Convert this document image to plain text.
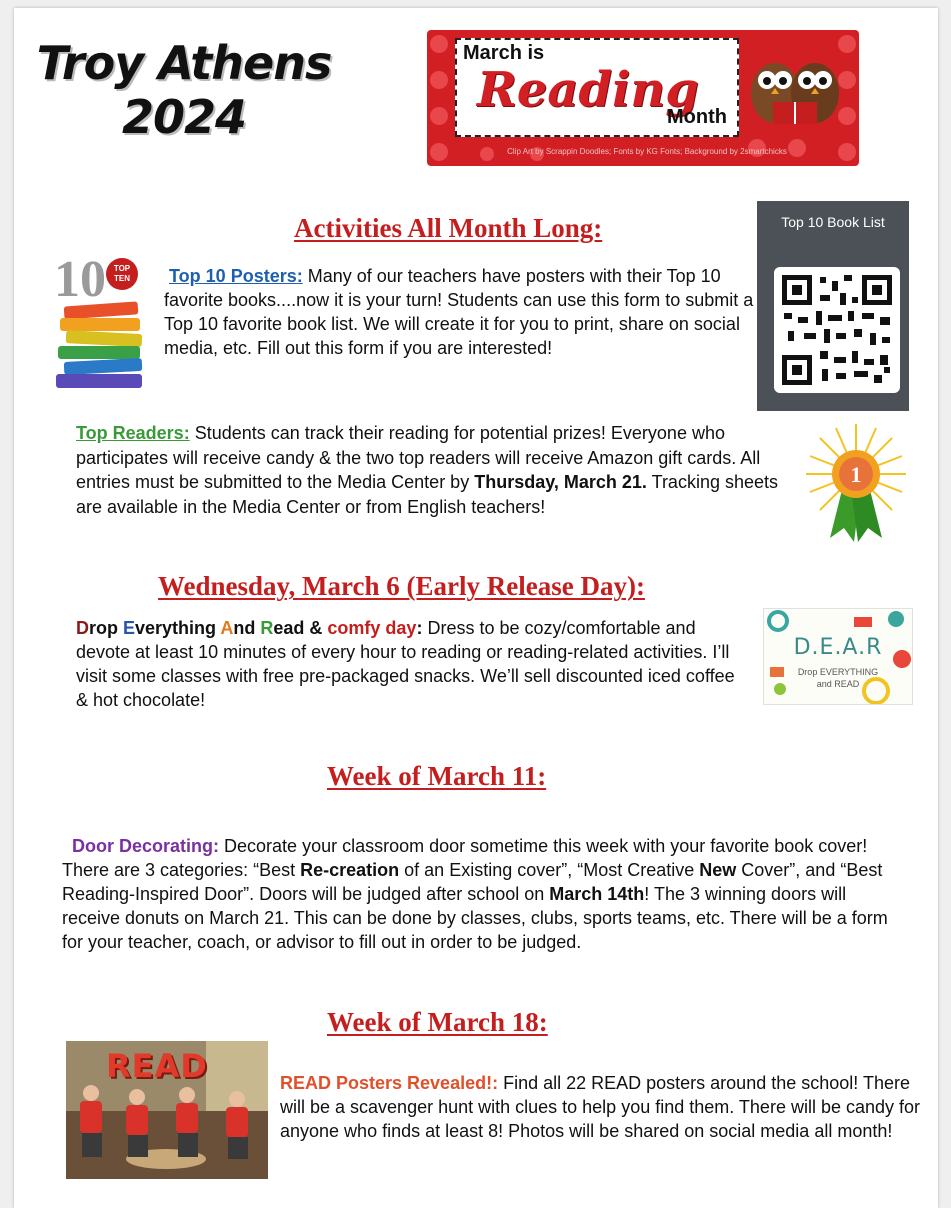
Troy Athens
2024
March is
Reading
Month
Clip Art by Scrappin Doodles; Fonts by KG Fonts; Background by 2smartchicks
Activities All Month Long:	Top 10 Book List
10 TOP
TEN Top 10 Posters: Many of our teachers have posters with their Top 10 favorite books....now it is your turn! Students can use this form to submit a Top 10 favorite book list. We will create it for you to print, share on social media, etc. Fill out this form if you are interested!

Top Readers: Students can track their reading for potential prizes! Everyone who participates will receive candy & the two top readers will receive Amazon gift cards. All entries must be submitted to the Media Center by Thursday, March 21. Tracking sheets are available in the Media Center or from English teachers!

1
Wednesday, March 6 (Early Release Day):

Drop Everything And Read & comfy day: Dress to be cozy/comfortable and devote at least 10 minutes of every hour to reading or reading-related activities. I’ll visit some classes with free pre-packaged snacks. We’ll sell discounted iced coffee & hot chocolate!

D.E.A.R
Drop EVERYTHING
and READ
Week of March 11:

Door Decorating: Decorate your classroom door sometime this week with your favorite book cover! There are 3 categories: “Best Re-creation of an Existing cover”, “Most Creative New Cover”, and “Best Reading-Inspired Door”. Doors will be judged after school on March 14th! The 3 winning doors will receive donuts on March 21. This can be done by classes, clubs, sports teams, etc. There will be a form for your teacher, coach, or advisor to fill out in order to be judged.

Week of March 18:
READ	READ Posters Revealed!: Find all 22 READ posters around the school! There will be a scavenger hunt with clues to help you find them. There will be candy for anyone who finds at least 8! Photos will be shared on social media all month!
